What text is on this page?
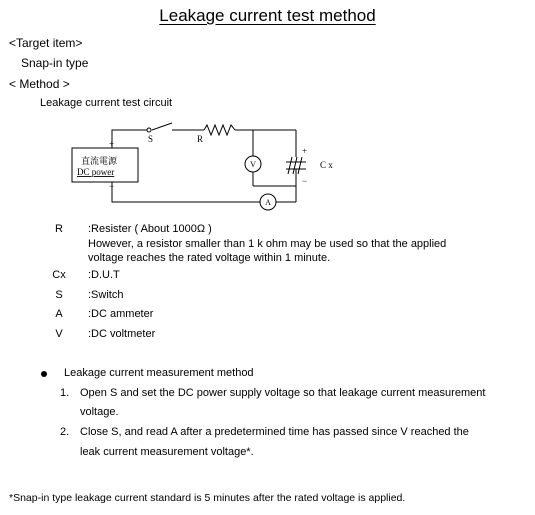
Leakage current test method
<Target item>
Snap-in type
< Method >
Leakage current test circuit
S	R
+
−
直流電源
DC power
V
A
+
−
C x
R	:Resister ( About 1000Ω )
However, a resistor smaller than 1 k ohm may be used so that the applied
voltage reaches the rated voltage within 1 minute.
Cx	:D.U.T
S	:Switch
A	:DC ammeter
V	:DC voltmeter
Leakage current measurement method
1. Open S and set the DC power supply voltage so that leakage current measurement
voltage.
2. Close S, and read A after a predetermined time has passed since V reached the
leak current measurement voltage*.
*Snap-in type leakage current standard is 5 minutes after the rated voltage is applied.
